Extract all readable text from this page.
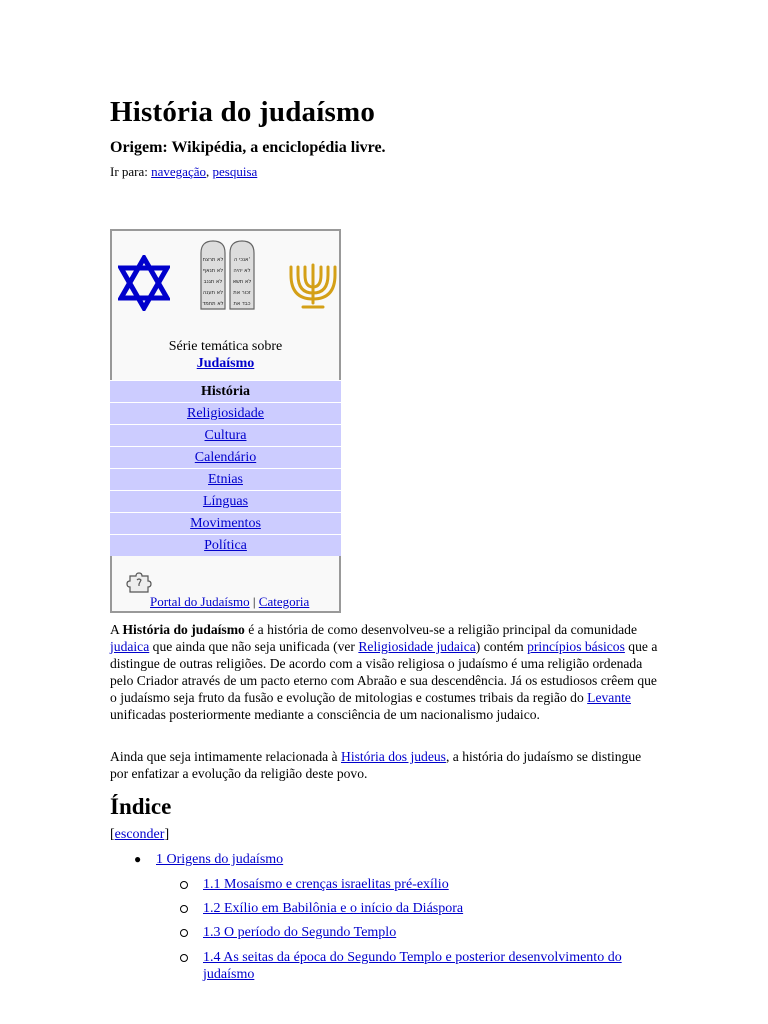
História do judaísmo
Origem: Wikipédia, a enciclopédia livre.
Ir para: navegação, pesquisa
לא תרצח
לא תנאף
לא תגנב
לא תענה
לא תחמד
אנכי ה'
לא יהיה
לא תשא
זכור את
כבד את
Série temática sobre
Judaísmo
História
Religiosidade
Cultura
Calendário
Etnias
Línguas
Movimentos
Política
Portal do Judaísmo | Categoria
A História do judaísmo é a história de como desenvolveu-se a religião principal da comunidade judaica que ainda que não seja unificada (ver Religiosidade judaica) contém princípios básicos que a distingue de outras religiões. De acordo com a visão religiosa o judaísmo é uma religião ordenada pelo Criador através de um pacto eterno com Abraão e sua descendência. Já os estudiosos crêem que o judaísmo seja fruto da fusão e evolução de mitologias e costumes tribais da região do Levante unificadas posteriormente mediante a consciência de um nacionalismo judaico.
Ainda que seja intimamente relacionada à História dos judeus, a história do judaísmo se distingue por enfatizar a evolução da religião deste povo.
Índice
[esconder]
● 1 Origens do judaísmo
1.1 Mosaísmo e crenças israelitas pré-exílio
1.2 Exílio em Babilônia e o início da Diáspora
1.3 O período do Segundo Templo
1.4 As seitas da época do Segundo Templo e posterior desenvolvimento do judaísmo
